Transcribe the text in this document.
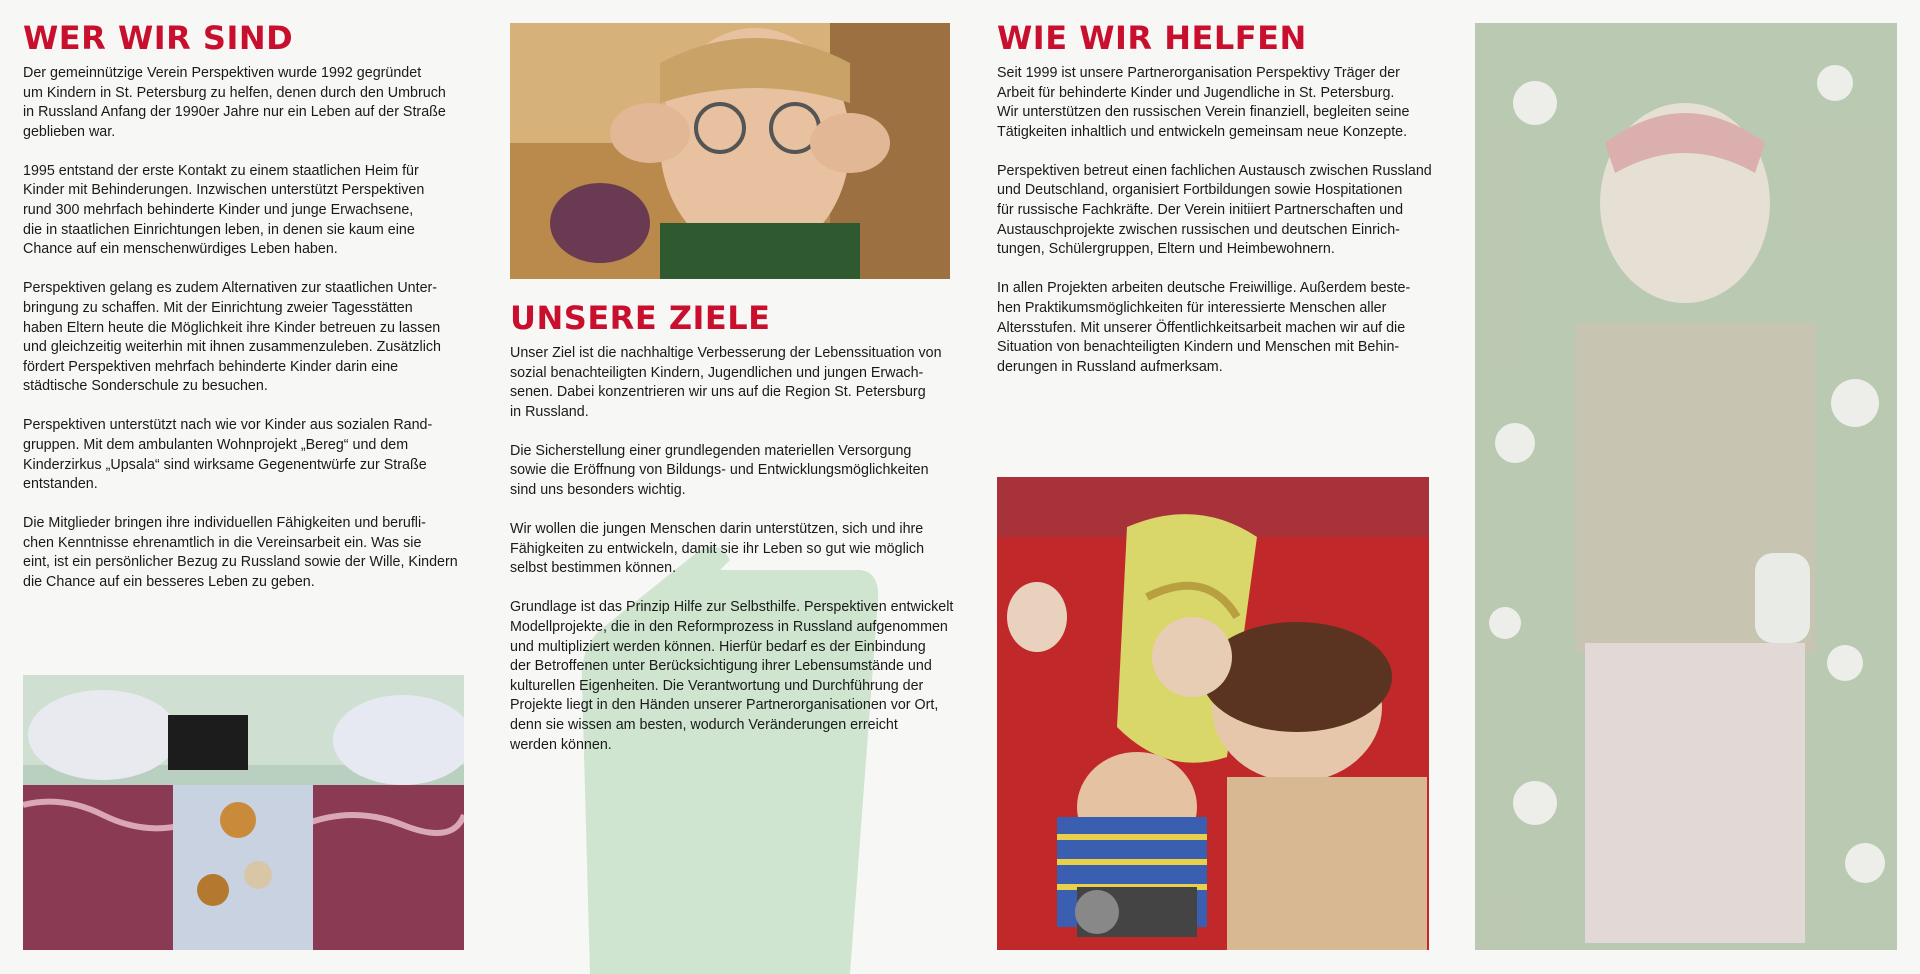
WER WIR SIND

Der gemeinnützige Verein Perspektiven wurde 1992 gegründet
um Kindern in St. Petersburg zu helfen, denen durch den Umbruch
in Russland Anfang der 1990er Jahre nur ein Leben auf der Straße
geblieben war.

1995 entstand der erste Kontakt zu einem staatlichen Heim für
Kinder mit Behinderungen. Inzwischen unterstützt Perspektiven
rund 300 mehrfach behinderte Kinder und junge Erwachsene,
die in staatlichen Einrichtungen leben, in denen sie kaum eine
Chance auf ein menschenwürdiges Leben haben.

Perspektiven gelang es zudem Alternativen zur staatlichen Unter-
bringung zu schaffen. Mit der Einrichtung zweier Tagesstätten
haben Eltern heute die Möglichkeit ihre Kinder betreuen zu lassen
und gleichzeitig weiterhin mit ihnen zusammenzuleben. Zusätzlich
fördert Perspektiven mehrfach behinderte Kinder darin eine
städtische Sonderschule zu besuchen.

Perspektiven unterstützt nach wie vor Kinder aus sozialen Rand-
gruppen. Mit dem ambulanten Wohnprojekt „Bereg“ und dem
Kinderzirkus „Upsala“ sind wirksame Gegenentwürfe zur Straße
entstanden.

Die Mitglieder bringen ihre individuellen Fähigkeiten und berufli-
chen Kenntnisse ehrenamtlich in die Vereinsarbeit ein. Was sie
eint, ist ein persönlicher Bezug zu Russland sowie der Wille, Kindern
die Chance auf ein besseres Leben zu geben.

UNSERE ZIELE

Unser Ziel ist die nachhaltige Verbesserung der Lebenssituation von
sozial benachteiligten Kindern, Jugendlichen und jungen Erwach-
senen. Dabei konzentrieren wir uns auf die Region St. Petersburg
in Russland.

Die Sicherstellung einer grundlegenden materiellen Versorgung
sowie die Eröffnung von Bildungs- und Entwicklungsmöglichkeiten
sind uns besonders wichtig.

Wir wollen die jungen Menschen darin unterstützen, sich und ihre
Fähigkeiten zu entwickeln, damit sie ihr Leben so gut wie möglich
selbst bestimmen können.

Grundlage ist das Prinzip Hilfe zur Selbsthilfe. Perspektiven entwickelt
Modellprojekte, die in den Reformprozess in Russland aufgenommen
und multipliziert werden können. Hierfür bedarf es der Einbindung
der Betroffenen unter Berücksichtigung ihrer Lebensumstände und
kulturellen Eigenheiten. Die Verantwortung und Durchführung der
Projekte liegt in den Händen unserer Partnerorganisationen vor Ort,
denn sie wissen am besten, wodurch Veränderungen erreicht
werden können.

WIE WIR HELFEN

Seit 1999 ist unsere Partnerorganisation Perspektivy Träger der
Arbeit für behinderte Kinder und Jugendliche in St. Petersburg.
Wir unterstützen den russischen Verein finanziell, begleiten seine
Tätigkeiten inhaltlich und entwickeln gemeinsam neue Konzepte.

Perspektiven betreut einen fachlichen Austausch zwischen Russland
und Deutschland, organisiert Fortbildungen sowie Hospitationen
für russische Fachkräfte. Der Verein initiiert Partnerschaften und
Austauschprojekte zwischen russischen und deutschen Einrich-
tungen, Schülergruppen, Eltern und Heimbewohnern.

In allen Projekten arbeiten deutsche Freiwillige. Außerdem beste-
hen Praktikumsmöglichkeiten für interessierte Menschen aller
Altersstufen. Mit unserer Öffentlichkeitsarbeit machen wir auf die
Situation von benachteiligten Kindern und Menschen mit Behin-
derungen in Russland aufmerksam.
